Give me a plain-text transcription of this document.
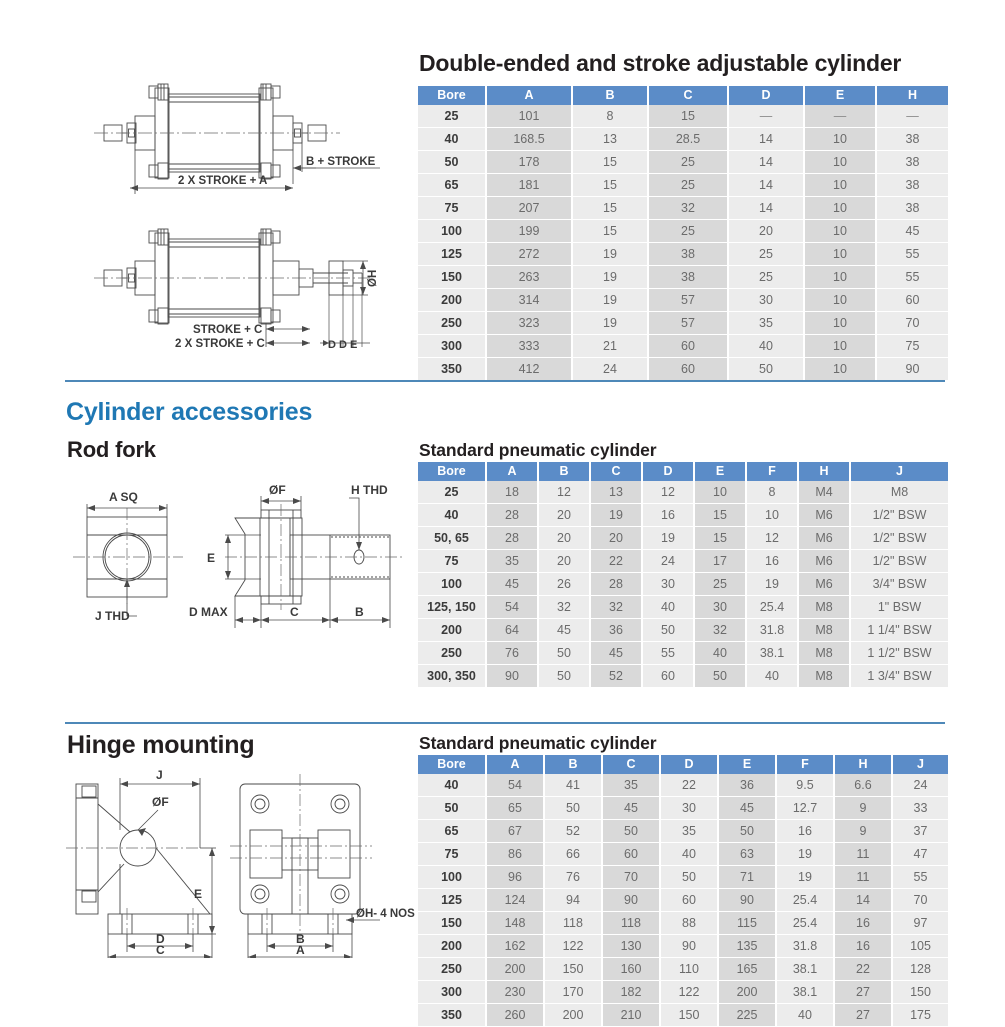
Double-ended and stroke adjustable cylinder
2 X STROKE + A
B + STROKE
ØH
STROKE + C
2 X STROKE + C	D D E
Bore	A	B	C	D	E	H
25	101	8	15	—	—	—
40	168.5	13	28.5	14	10	38
50	178	15	25	14	10	38
65	181	15	25	14	10	38
75	207	15	32	14	10	38
100	199	15	25	20	10	45
125	272	19	38	25	10	55
150	263	19	38	25	10	55
200	314	19	57	30	10	60
250	323	19	57	35	10	70
300	333	21	60	40	10	75
350	412	24	60	50	10	90
Cylinder accessories
Rod fork	Standard pneumatic cylinder
A SQ
J THD
ØF	H THD
E
D MAX	C	B
Bore	A	B	C	D	E	F	H	J
25	18	12	13	12	10	8	M4	M8
40	28	20	19	16	15	10	M6	1/2" BSW
50, 65	28	20	20	19	15	12	M6	1/2" BSW
75	35	20	22	24	17	16	M6	1/2" BSW
100	45	26	28	30	25	19	M6	3/4" BSW
125, 150	54	32	32	40	30	25.4	M8	1" BSW
200	64	45	36	50	32	31.8	M8	1 1/4" BSW
250	76	50	45	55	40	38.1	M8	1 1/2" BSW
300, 350	90	50	52	60	50	40	M8	1 3/4" BSW
Hinge mounting	Standard pneumatic cylinder
J
ØF
E
D
C
ØH- 4 NOS
B
A
Bore	A	B	C	D	E	F	H	J
40	54	41	35	22	36	9.5	6.6	24
50	65	50	45	30	45	12.7	9	33
65	67	52	50	35	50	16	9	37
75	86	66	60	40	63	19	11	47
100	96	76	70	50	71	19	11	55
125	124	94	90	60	90	25.4	14	70
150	148	118	118	88	115	25.4	16	97
200	162	122	130	90	135	31.8	16	105
250	200	150	160	110	165	38.1	22	128
300	230	170	182	122	200	38.1	27	150
350	260	200	210	150	225	40	27	175
